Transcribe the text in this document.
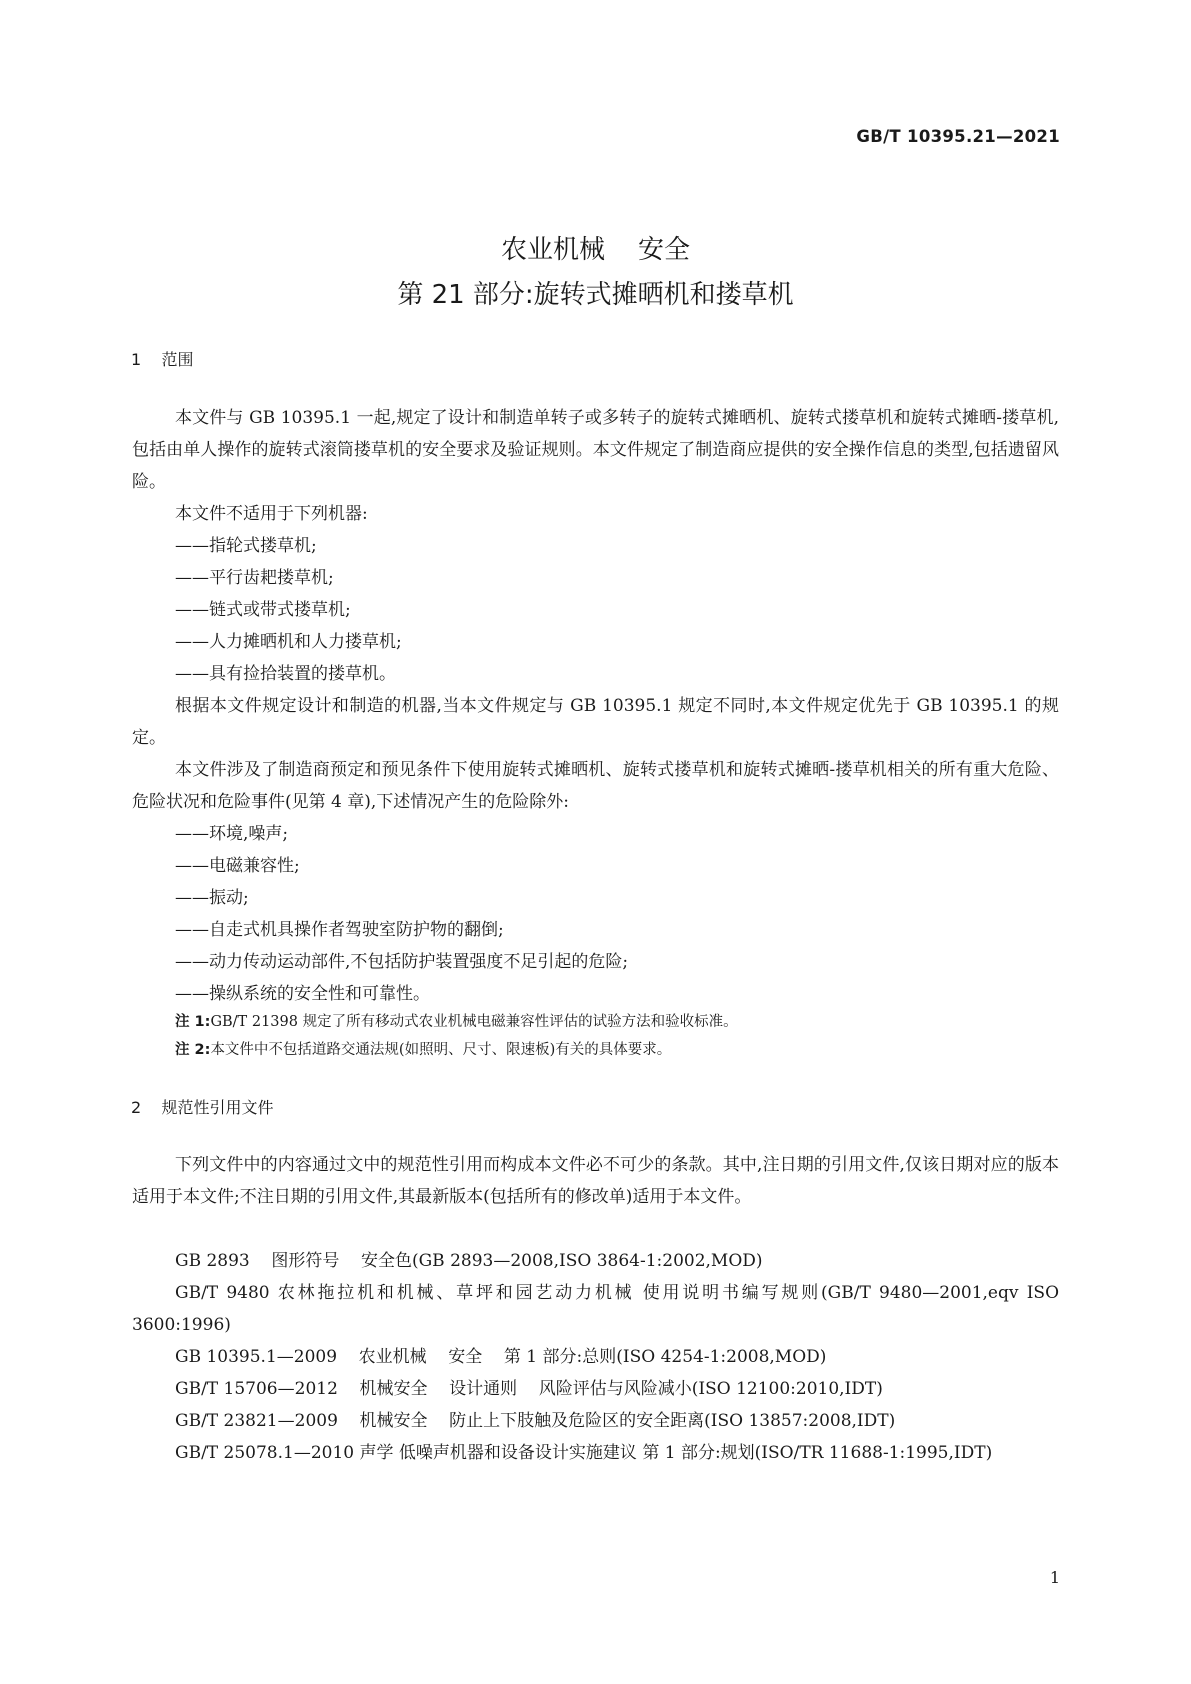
GB/T 10395.21—2021
农业机械    安全
第 21 部分:旋转式摊晒机和搂草机
1    范围

本文件与 GB 10395.1 一起,规定了设计和制造单转子或多转子的旋转式摊晒机、旋转式搂草机和旋转式摊晒-搂草机,包括由单人操作的旋转式滚筒搂草机的安全要求及验证规则。本文件规定了制造商应提供的安全操作信息的类型,包括遗留风险。

本文件不适用于下列机器:

——指轮式搂草机;

——平行齿耙搂草机;

——链式或带式搂草机;

——人力摊晒机和人力搂草机;

——具有捡拾装置的搂草机。

根据本文件规定设计和制造的机器,当本文件规定与 GB 10395.1 规定不同时,本文件规定优先于 GB 10395.1 的规定。

本文件涉及了制造商预定和预见条件下使用旋转式摊晒机、旋转式搂草机和旋转式摊晒-搂草机相关的所有重大危险、危险状况和危险事件(见第 4 章),下述情况产生的危险除外:

——环境,噪声;

——电磁兼容性;

——振动;

——自走式机具操作者驾驶室防护物的翻倒;

——动力传动运动部件,不包括防护装置强度不足引起的危险;

——操纵系统的安全性和可靠性。

注 1:GB/T 21398 规定了所有移动式农业机械电磁兼容性评估的试验方法和验收标准。

注 2:本文件中不包括道路交通法规(如照明、尺寸、限速板)有关的具体要求。

2    规范性引用文件

下列文件中的内容通过文中的规范性引用而构成本文件必不可少的条款。其中,注日期的引用文件,仅该日期对应的版本适用于本文件;不注日期的引用文件,其最新版本(包括所有的修改单)适用于本文件。

GB 2893    图形符号    安全色(GB 2893—2008,ISO 3864-1:2002,MOD)

GB/T 9480 农林拖拉机和机械、草坪和园艺动力机械 使用说明书编写规则(GB/T 9480—2001,eqv ISO 3600:1996)

GB 10395.1—2009    农业机械    安全    第 1 部分:总则(ISO 4254-1:2008,MOD)

GB/T 15706—2012    机械安全    设计通则    风险评估与风险减小(ISO 12100:2010,IDT)

GB/T 23821—2009    机械安全    防止上下肢触及危险区的安全距离(ISO 13857:2008,IDT)

GB/T 25078.1—2010 声学 低噪声机器和设备设计实施建议 第 1 部分:规划(ISO/TR 11688-1:1995,IDT)

1
